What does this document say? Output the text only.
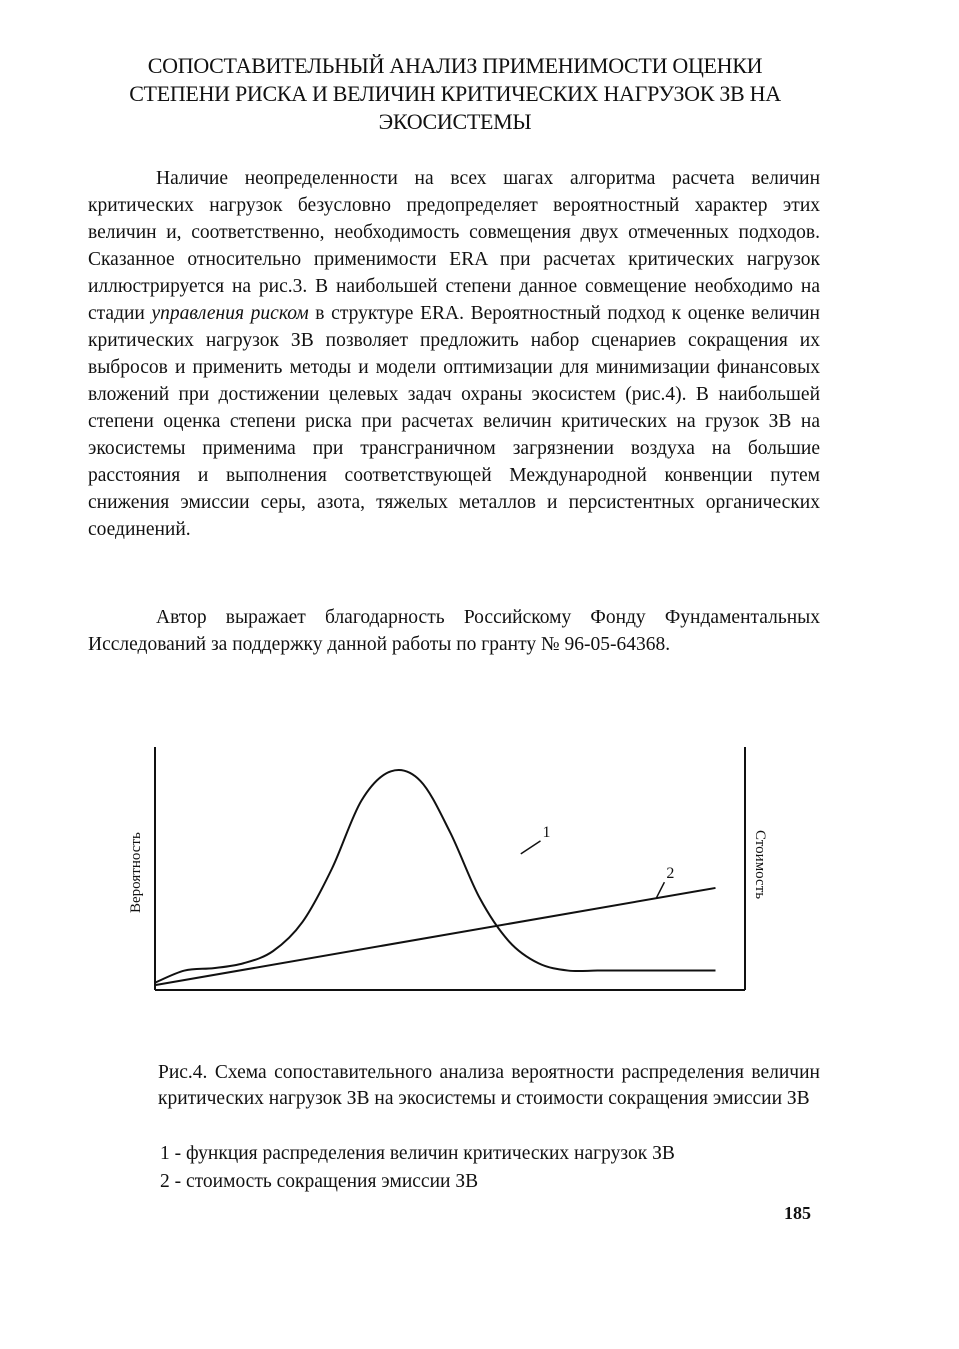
СОПОСТАВИТЕЛЬНЫЙ АНАЛИЗ ПРИМЕНИМОСТИ ОЦЕНКИ СТЕПЕНИ РИСКА И ВЕЛИЧИН КРИТИЧЕСКИХ НАГРУЗОК ЗВ НА ЭКОСИСТЕМЫ

Наличие неопределенности на всех шагах алгоритма расчета величин критических нагрузок безусловно предопределяет вероятностный характер этих величин и, соответственно, необходимость совмещения двух отмеченных подходов. Сказанное относительно применимости ERA при расчетах критических нагрузок иллюстрируется на рис.3. В наибольшей степени данное совмещение необходимо на стадии управления риском в структуре ERA. Вероятностный подход к оценке величин критических нагрузок ЗВ позволяет предложить набор сценариев сокращения их выбросов и применить методы и модели оптимизации для минимизации финансовых вложений при достижении целевых задач охраны экосистем (рис.4). В наибольшей степени оценка степени риска при расчетах величин критических на грузок ЗВ на экосистемы применима при трансграничном загрязнении воздуха на большие расстояния и выполнения соответствующей Международной конвенции путем снижения эмиссии серы, азота, тяжелых металлов и персистентных органических соединений.

Автор выражает благодарность Российскому Фонду Фундаментальных Исследований за поддержку данной работы по гранту № 96-05-64368.

1
2
Вероятность	Стоимость

Рис.4. Схема сопоставительного анализа вероятности распределения величин критических нагрузок ЗВ на экосистемы и стоимости сокращения эмиссии ЗВ

1 - функция распределения величин критических нагрузок ЗВ
2 - стоимость сокращения эмиссии ЗВ
185
